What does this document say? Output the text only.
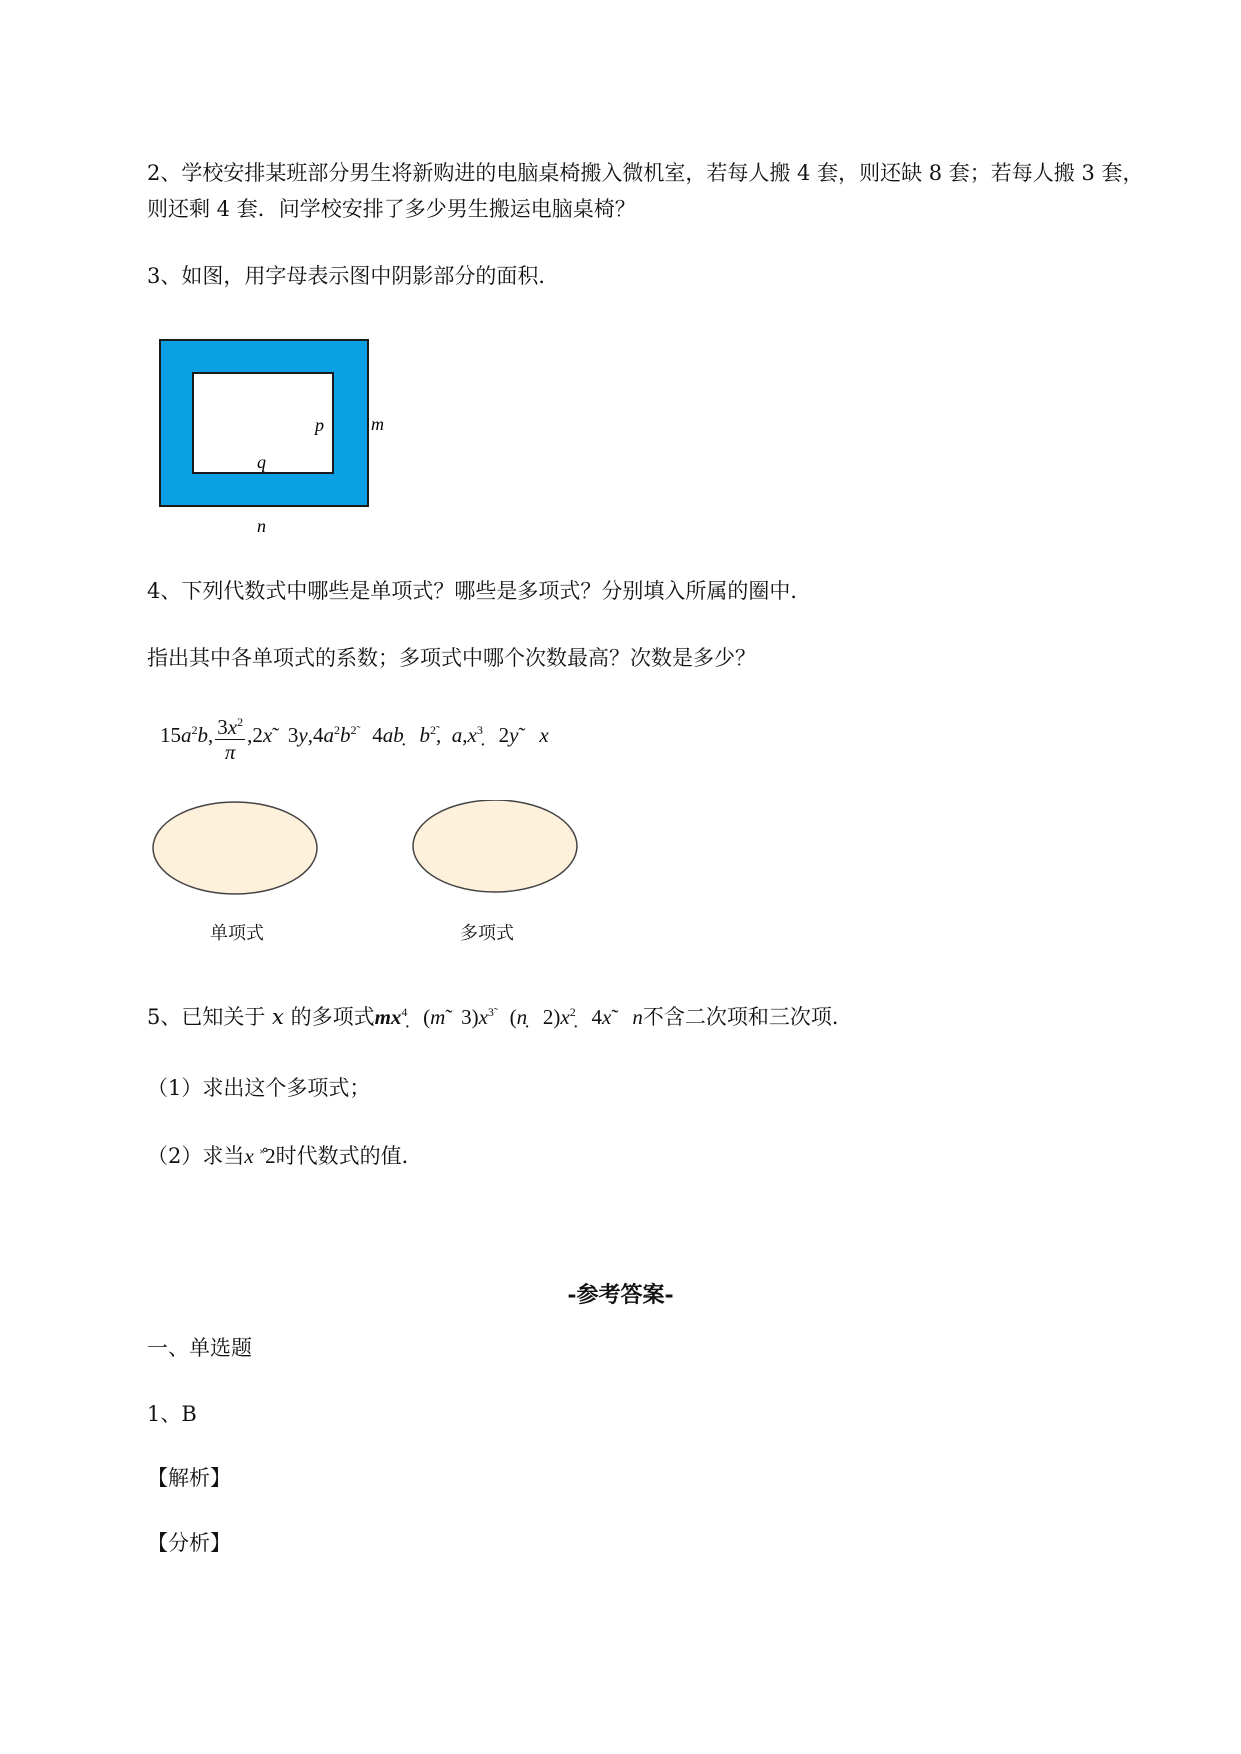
2、学校安排某班部分男生将新购进的电脑桌椅搬入微机室，若每人搬 4 套，则还缺 8 套；若每人搬 3 套，则还剩 4 套．问学校安排了多少男生搬运电脑桌椅？
3、如图，用字母表示图中阴影部分的面积．
p	m
q
n
4、下列代数式中哪些是单项式？哪些是多项式？分别填入所属的圈中．
指出其中各单项式的系数；多项式中哪个次数最高？次数是多少？
$15a^2b$, $\frac{3x^2}{\pi}$ ,2x̃   $3y,4a^2b^{2̃}$   4aḅ   $b^{2̃}$,  $a,x^3̣$   2ỹ    x
单项式	多项式
5、已知关于 x 的多项式$mx^4̣$   (m̃   $3)x^{3̃}$   (ṇ   $2)x^2̣$   4x̃    n不含二次项和三次项．
（1）求出这个多项式；
（2）求当x ×̊2时代数式的值．
-参考答案-
一、单选题
1、B
【解析】
【分析】
